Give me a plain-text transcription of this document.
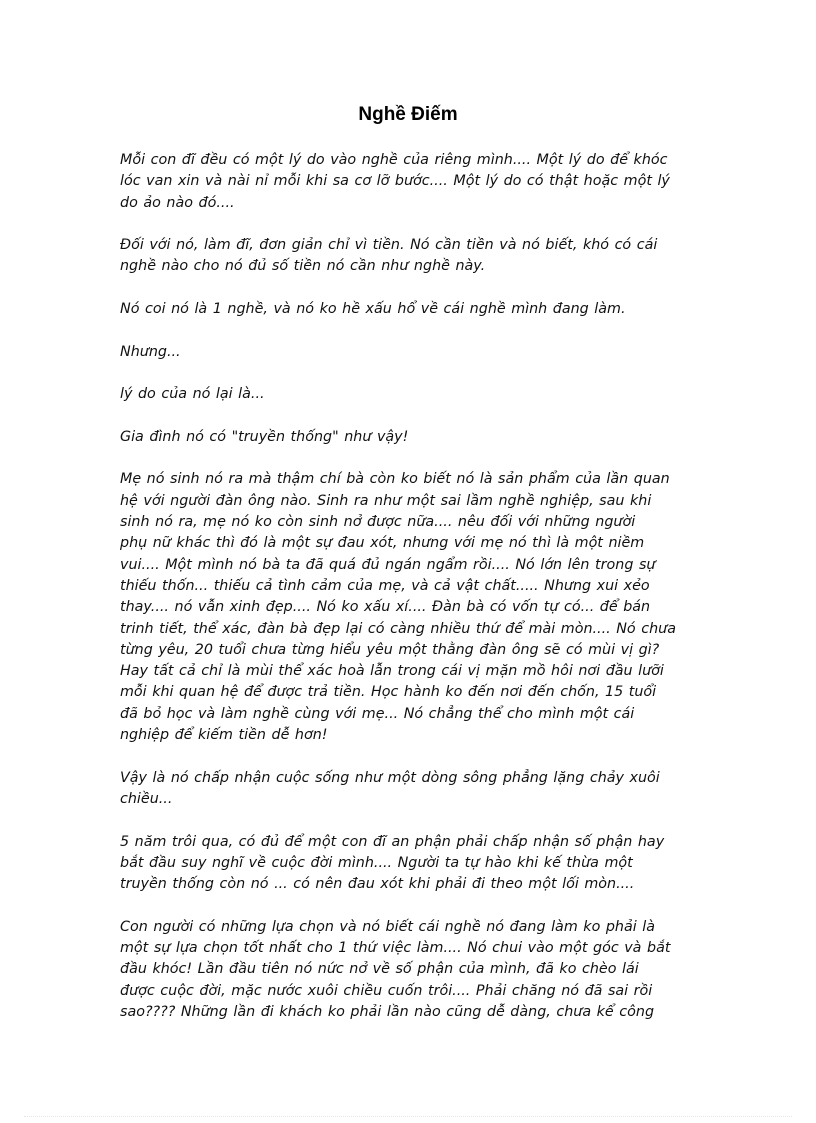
Nghề Điếm

Mỗi con đĩ đều có một lý do vào nghề của riêng mình.... Một lý do để khóc
lóc van xin và nài nỉ mỗi khi sa cơ lỡ bước.... Một lý do có thật hoặc một lý
do ảo nào đó....

Đối với nó, làm đĩ, đơn giản chỉ vì tiền. Nó cần tiền và nó biết, khó có cái
nghề nào cho nó đủ số tiền nó cần như nghề này.

Nó coi nó là 1 nghề, và nó ko hề xấu hổ về cái nghề mình đang làm.

Nhưng...

lý do của nó lại là...

Gia đình nó có "truyền thống" như vậy!

Mẹ nó sinh nó ra mà thậm chí bà còn ko biết nó là sản phẩm của lần quan
hệ với người đàn ông nào. Sinh ra như một sai lầm nghề nghiệp, sau khi
sinh nó ra, mẹ nó ko còn sinh nở được nữa.... nêu đối với những người
phụ nữ khác thì đó là một sự đau xót, nhưng với mẹ nó thì là một niềm
vui.... Một mình nó bà ta đã quá đủ ngán ngẩm rồi.... Nó lớn lên trong sự
thiếu thốn... thiếu cả tình cảm của mẹ, và cả vật chất..... Nhưng xui xẻo
thay.... nó vẫn xinh đẹp.... Nó ko xấu xí.... Đàn bà có vốn tự có... để bán
trinh tiết, thể xác, đàn bà đẹp lại có càng nhiều thứ để mài mòn.... Nó chưa
từng yêu, 20 tuổi chưa từng hiểu yêu một thằng đàn ông sẽ có mùi vị gì?
Hay tất cả chỉ là mùi thể xác hoà lẫn trong cái vị mặn mồ hôi nơi đầu lưỡi
mỗi khi quan hệ để được trả tiền. Học hành ko đến nơi đến chốn, 15 tuổi
đã bỏ học và làm nghề cùng với mẹ... Nó chẳng thể cho mình một cái
nghiệp để kiếm tiền dễ hơn!

Vậy là nó chấp nhận cuộc sống như một dòng sông phẳng lặng chảy xuôi
chiều...

5 năm trôi qua, có đủ để một con đĩ an phận phải chấp nhận số phận hay
bắt đầu suy nghĩ về cuộc đời mình.... Người ta tự hào khi kế thừa một
truyền thống còn nó ... có nên đau xót khi phải đi theo một lối mòn....

Con người có những lựa chọn và nó biết cái nghề nó đang làm ko phải là
một sự lựa chọn tốt nhất cho 1 thứ việc làm.... Nó chui vào một góc và bắt
đầu khóc! Lần đầu tiên nó nức nở về số phận của mình, đã ko chèo lái
được cuộc đời, mặc nước xuôi chiều cuốn trôi.... Phải chăng nó đã sai rồi
sao???? Những lần đi khách ko phải lần nào cũng dễ dàng, chưa kể công
